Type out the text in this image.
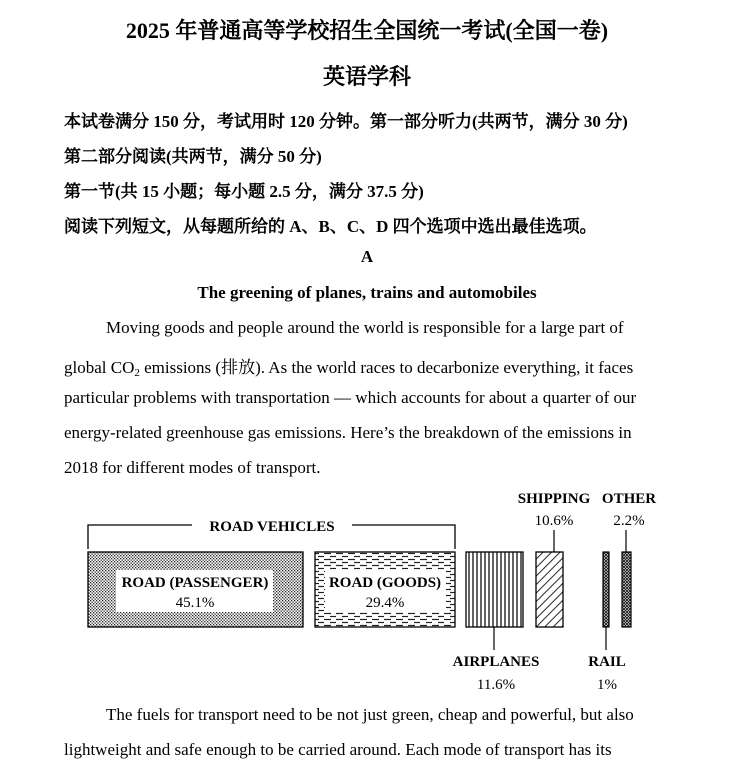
2025 年普通高等学校招生全国统一考试(全国一卷)
英语学科
本试卷满分 150 分，考试用时 120 分钟。第一部分听力(共两节，满分 30 分)
第二部分阅读(共两节，满分 50 分)
第一节(共 15 小题；每小题 2.5 分，满分 37.5 分)
阅读下列短文，从每题所给的 A、B、C、D 四个选项中选出最佳选项。
A
The greening of planes, trains and automobiles
Moving goods and people around the world is responsible for a large part of
global $CO_2$ emissions (排放). As the world races to decarbonize everything, it faces
particular problems with transportation — which accounts for about a quarter of our
energy-related greenhouse gas emissions. Here’s the breakdown of the emissions in
2018 for different modes of transport.
ROAD VEHICLES
ROAD (PASSENGER)
45.1%
ROAD (GOODS)
29.4%
AIRPLANES
11.6%
SHIPPING
10.6%
RAIL
1%
OTHER
2.2%
The fuels for transport need to be not just green, cheap and powerful, but also
lightweight and safe enough to be carried around. Each mode of transport has its
